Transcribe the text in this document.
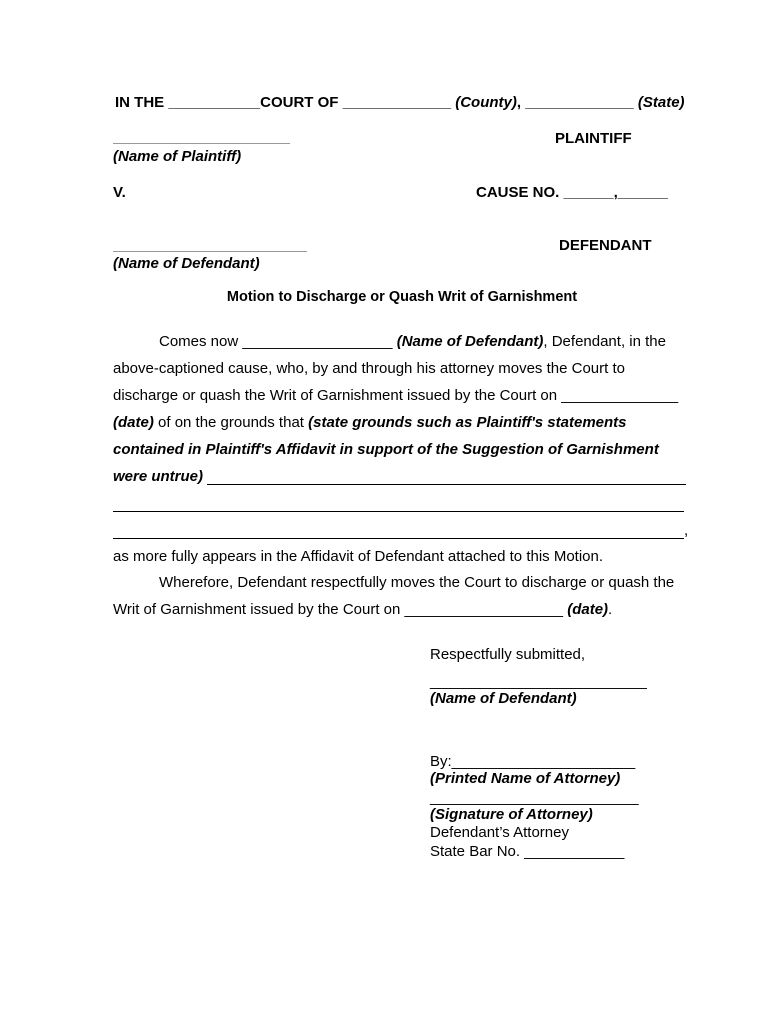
IN THE ___________COURT OF _____________ (County), _____________ (State)
PLAINTIFF
(Name of Plaintiff)
V.	CAUSE NO. ______,______
DEFENDANT
(Name of Defendant)
Motion to Discharge or Quash Writ of Garnishment
Comes now __________________ (Name of Defendant), Defendant, in the
above-captioned cause, who, by and through his attorney moves the Court to
discharge or quash the Writ of Garnishment issued by the Court on ______________
(date) of on the grounds that (state grounds such as Plaintiff's statements
contained in Plaintiff's Affidavit in support of the Suggestion of Garnishment
were untrue)
,
as more fully appears in the Affidavit of Defendant attached to this Motion.
Wherefore, Defendant respectfully moves the Court to discharge or quash the
Writ of Garnishment issued by the Court on ___________________ (date).
Respectfully submitted,
__________________________
(Name of Defendant)
By:______________________
(Printed Name of Attorney)
_________________________
(Signature of Attorney)
Defendant’s Attorney
State Bar No. ____________
